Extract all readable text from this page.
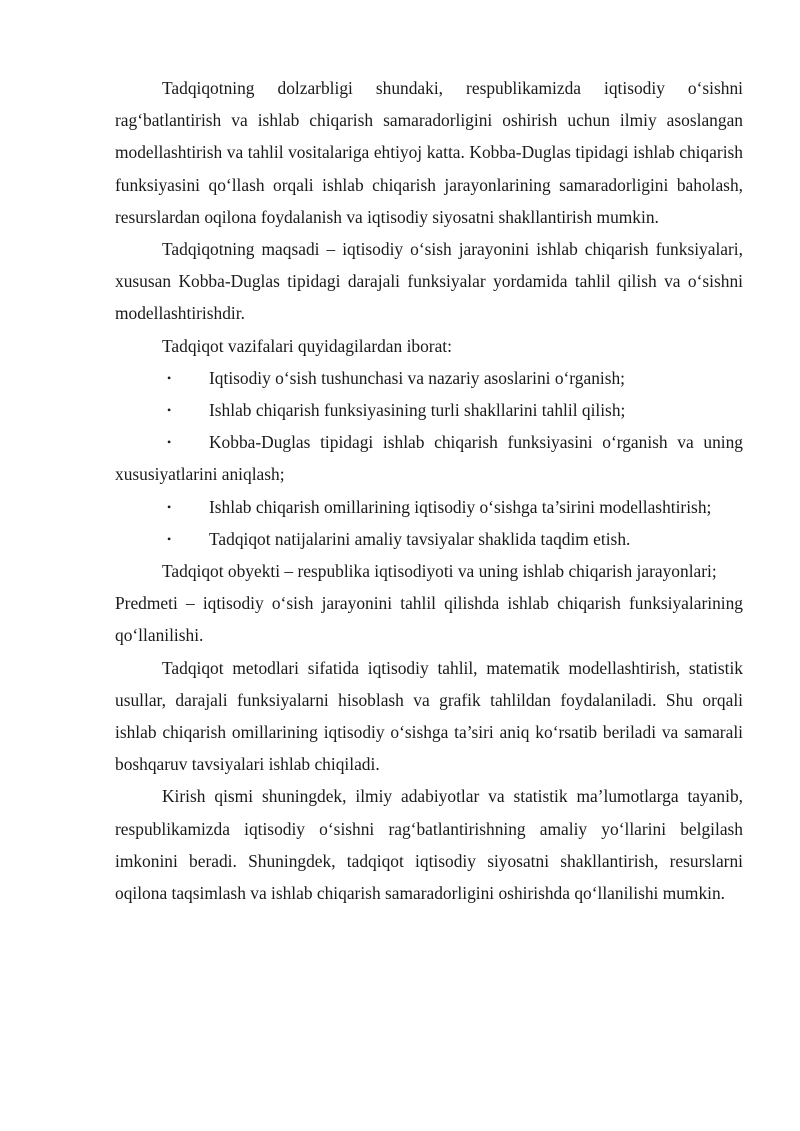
Tadqiqotning dolzarbligi shundaki, respublikamizda iqtisodiy o‘sishni rag‘batlantirish va ishlab chiqarish samaradorligini oshirish uchun ilmiy asoslangan modellashtirish va tahlil vositalariga ehtiyoj katta. Kobba-Duglas tipidagi ishlab chiqarish funksiyasini qo‘llash orqali ishlab chiqarish jarayonlarining samaradorligini baholash, resurslardan oqilona foydalanish va iqtisodiy siyosatni shakllantirish mumkin.

Tadqiqotning maqsadi – iqtisodiy o‘sish jarayonini ishlab chiqarish funksiyalari, xususan Kobba-Duglas tipidagi darajali funksiyalar yordamida tahlil qilish va o‘sishni modellashtirishdir.

Tadqiqot vazifalari quyidagilardan iborat:

• Iqtisodiy o‘sish tushunchasi va nazariy asoslarini o‘rganish;

• Ishlab chiqarish funksiyasining turli shakllarini tahlil qilish;

• Kobba-Duglas tipidagi ishlab chiqarish funksiyasini o‘rganish va uning xususiyatlarini aniqlash;

• Ishlab chiqarish omillarining iqtisodiy o‘sishga ta’sirini modellashtirish;

• Tadqiqot natijalarini amaliy tavsiyalar shaklida taqdim etish.

Tadqiqot obyekti – respublika iqtisodiyoti va uning ishlab chiqarish jarayonlari;

Predmeti – iqtisodiy o‘sish jarayonini tahlil qilishda ishlab chiqarish funksiyalarining qo‘llanilishi.

Tadqiqot metodlari sifatida iqtisodiy tahlil, matematik modellashtirish, statistik usullar, darajali funksiyalarni hisoblash va grafik tahlildan foydalaniladi. Shu orqali ishlab chiqarish omillarining iqtisodiy o‘sishga ta’siri aniq ko‘rsatib beriladi va samarali boshqaruv tavsiyalari ishlab chiqiladi.

Kirish qismi shuningdek, ilmiy adabiyotlar va statistik ma’lumotlarga tayanib, respublikamizda iqtisodiy o‘sishni rag‘batlantirishning amaliy yo‘llarini belgilash imkonini beradi. Shuningdek, tadqiqot iqtisodiy siyosatni shakllantirish, resurslarni oqilona taqsimlash va ishlab chiqarish samaradorligini oshirishda qo‘llanilishi mumkin.
